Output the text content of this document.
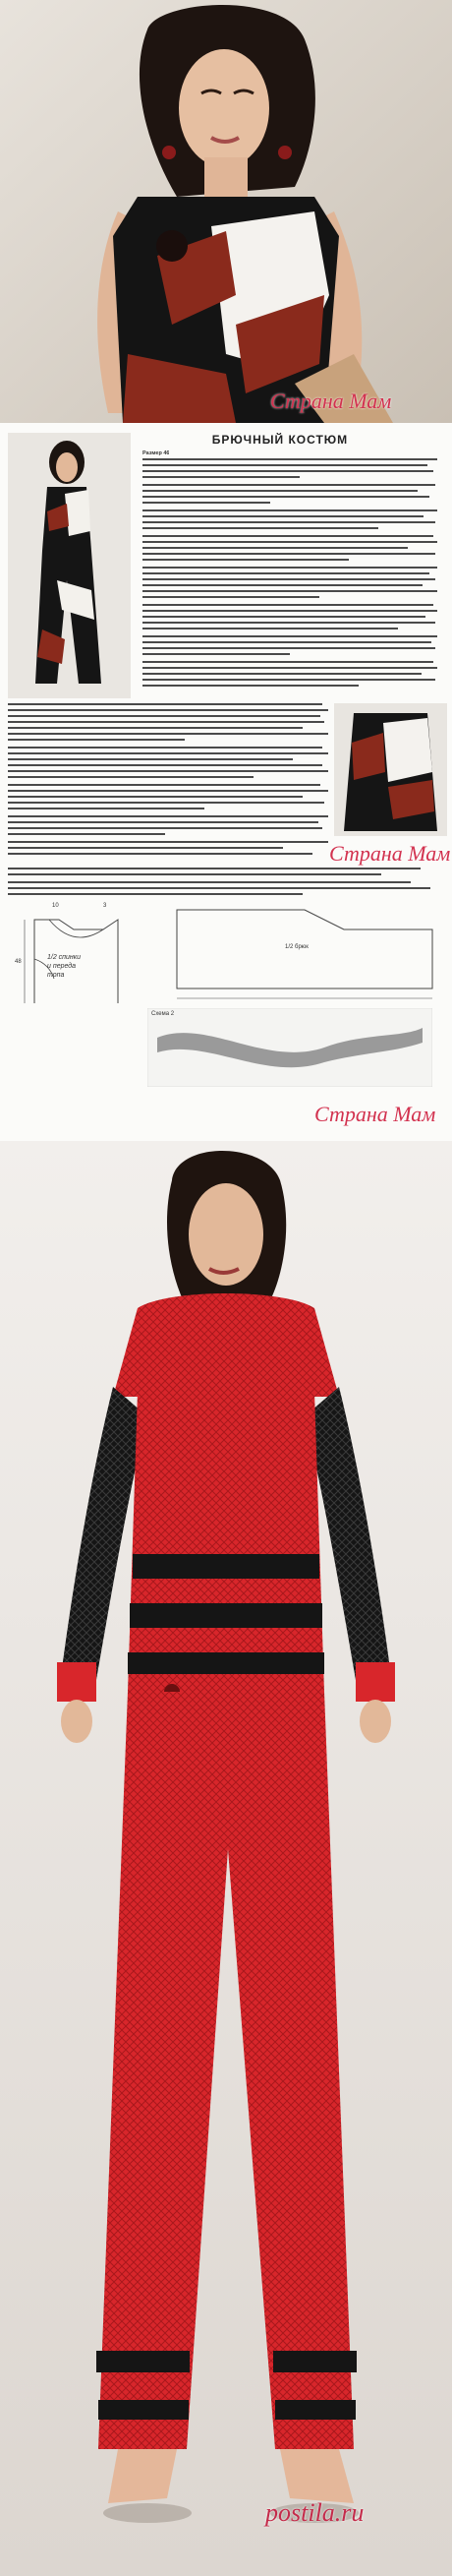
Страна Мам
БРЮЧНЫЙ КОСТЮМ
Размер 46
Страна Мам
10	3
48
1/2 спинки
и переда
топа
1/2 брюк
Схема 2
Страна Мам
postila.ru
